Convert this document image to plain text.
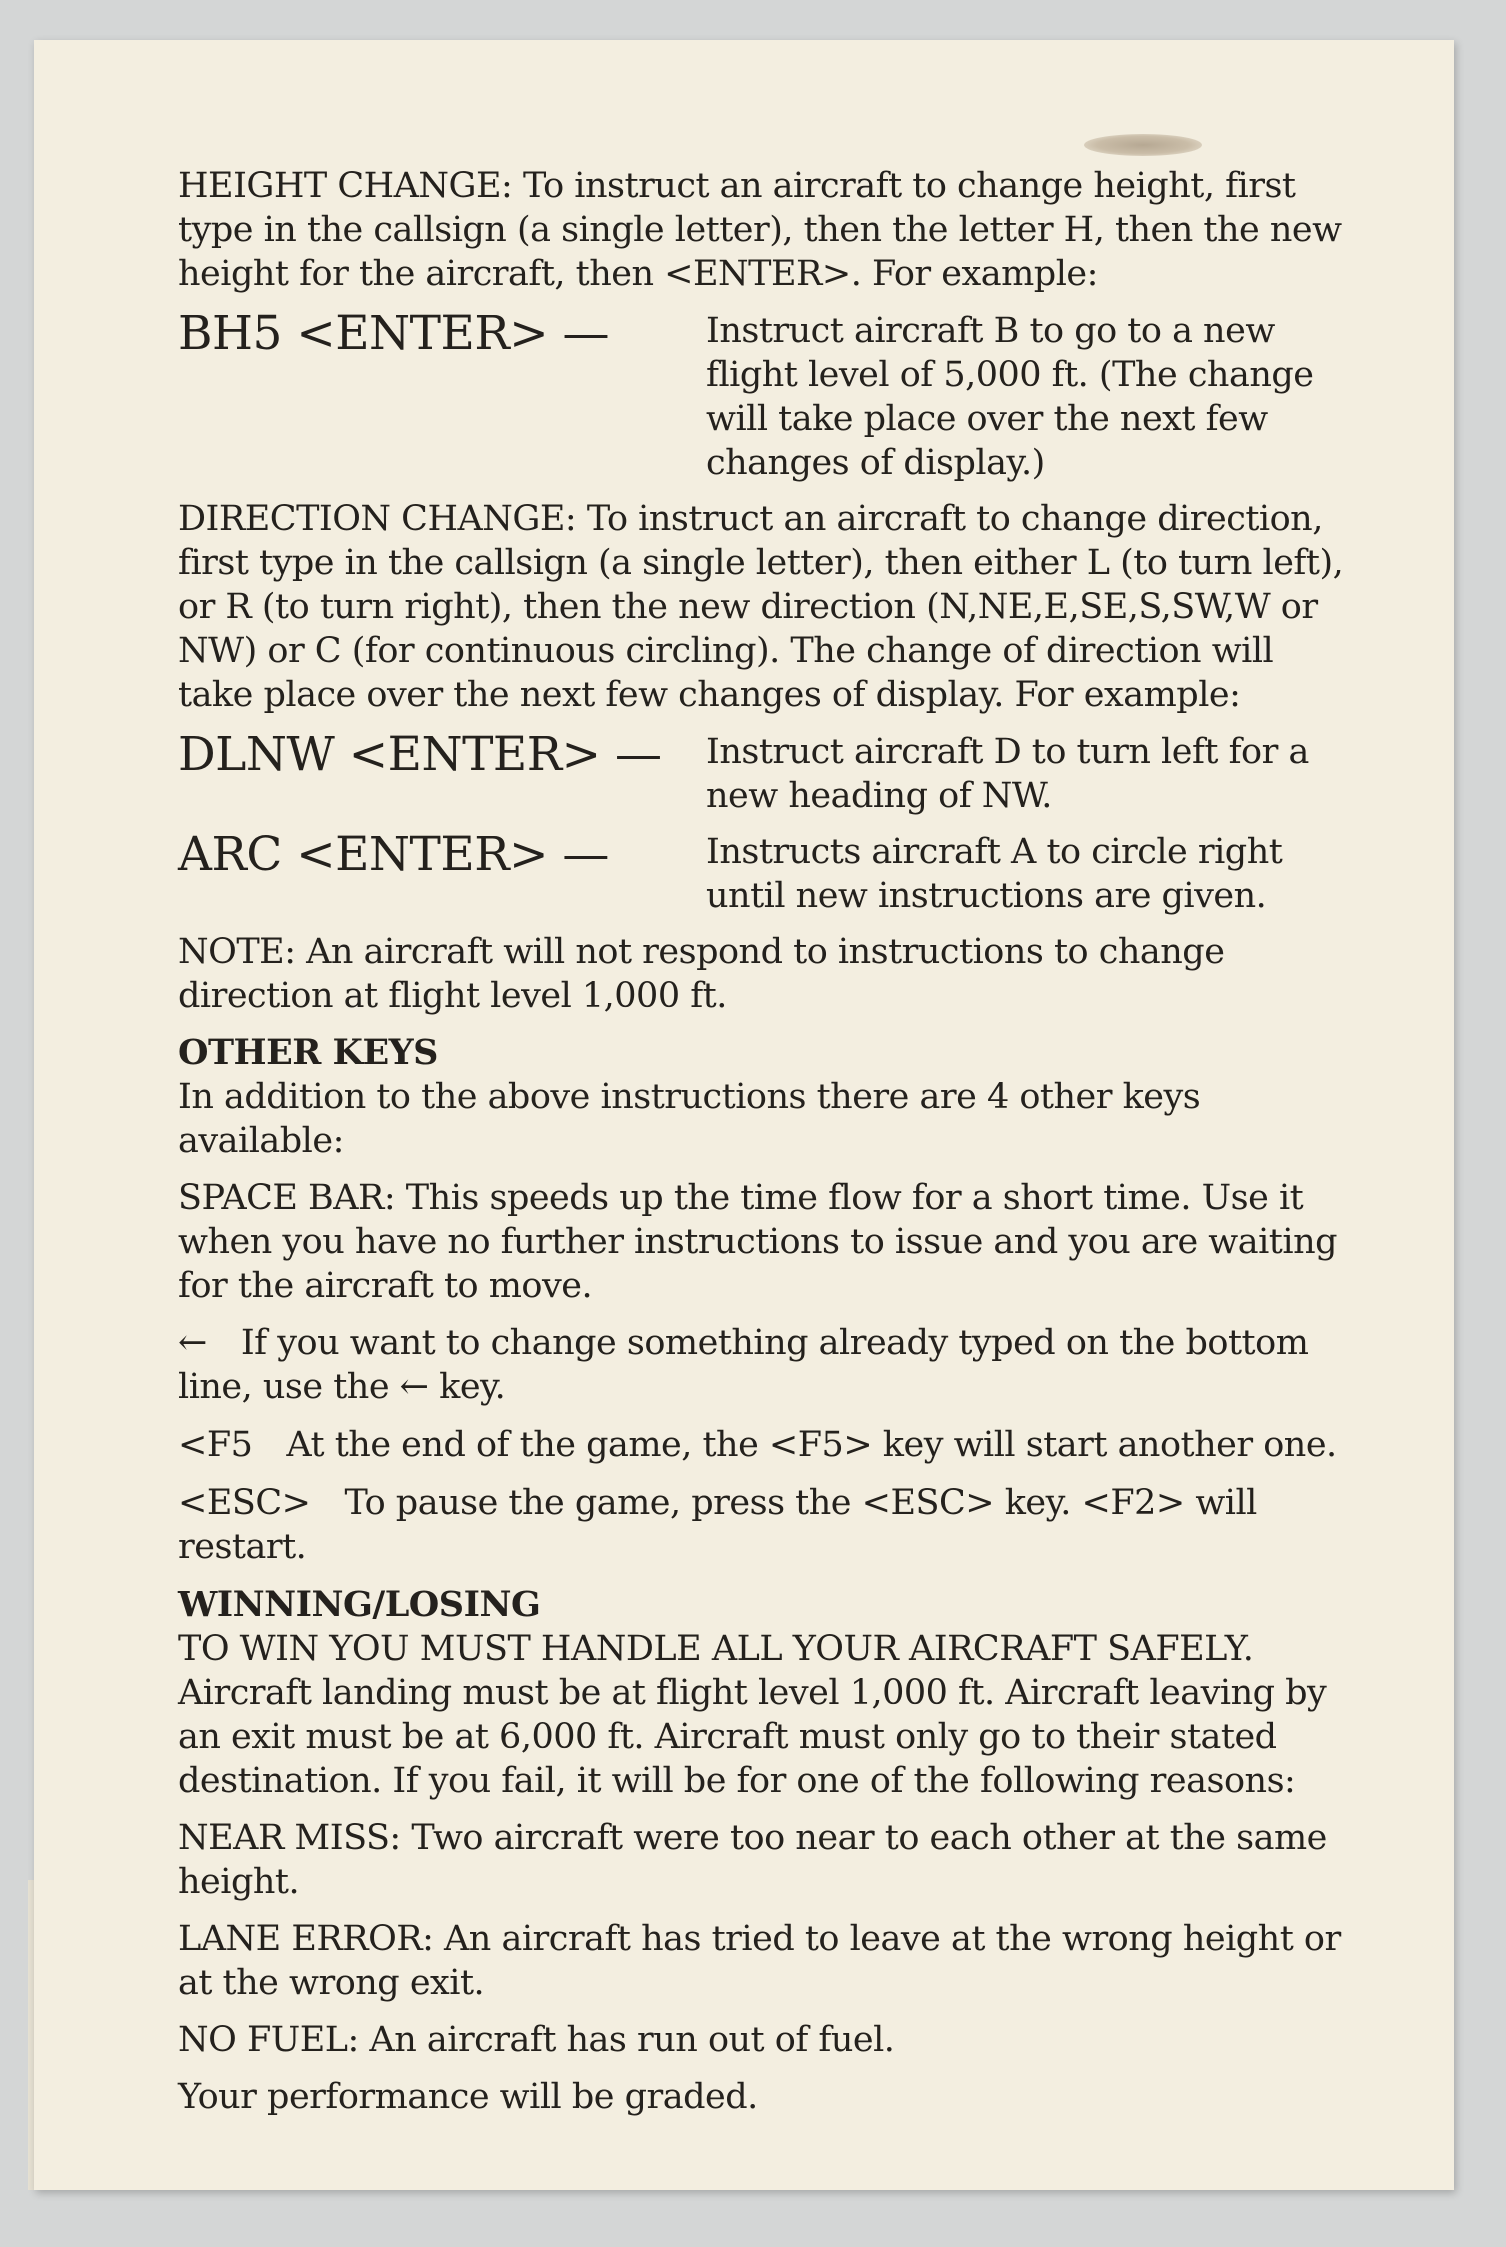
HEIGHT CHANGE: To instruct an aircraft to change height, first type in the callsign (a single letter), then the letter H, then the new height for the aircraft, then <ENTER>. For example:

BH5 <ENTER> —	Instruct aircraft B to go to a new flight level of 5,000 ft. (The change will take place over the next few changes of display.)

DIRECTION CHANGE: To instruct an aircraft to change direction, first type in the callsign (a single letter), then either L (to turn left), or R (to turn right), then the new direction (N,NE,E,SE,S,SW,W or NW) or C (for continuous circling). The change of direction will take place over the next few changes of display. For example:

DLNW <ENTER> —	Instruct aircraft D to turn left for a new heading of NW.
ARC <ENTER> —	Instructs aircraft A to circle right until new instructions are given.

NOTE: An aircraft will not respond to instructions to change direction at flight level 1,000 ft.

OTHER KEYS

In addition to the above instructions there are 4 other keys available:

SPACE BAR: This speeds up the time flow for a short time. Use it when you have no further instructions to issue and you are waiting for the aircraft to move.

← If you want to change something already typed on the bottom line, use the ← key.

<F5 At the end of the game, the <F5> key will start another one.

<ESC> To pause the game, press the <ESC> key. <F2> will restart.

WINNING/LOSING

TO WIN YOU MUST HANDLE ALL YOUR AIRCRAFT SAFELY. Aircraft landing must be at flight level 1,000 ft. Aircraft leaving by an exit must be at 6,000 ft. Aircraft must only go to their stated destination. If you fail, it will be for one of the following reasons:

NEAR MISS: Two aircraft were too near to each other at the same height.

LANE ERROR: An aircraft has tried to leave at the wrong height or at the wrong exit.

NO FUEL: An aircraft has run out of fuel.

Your performance will be graded.
